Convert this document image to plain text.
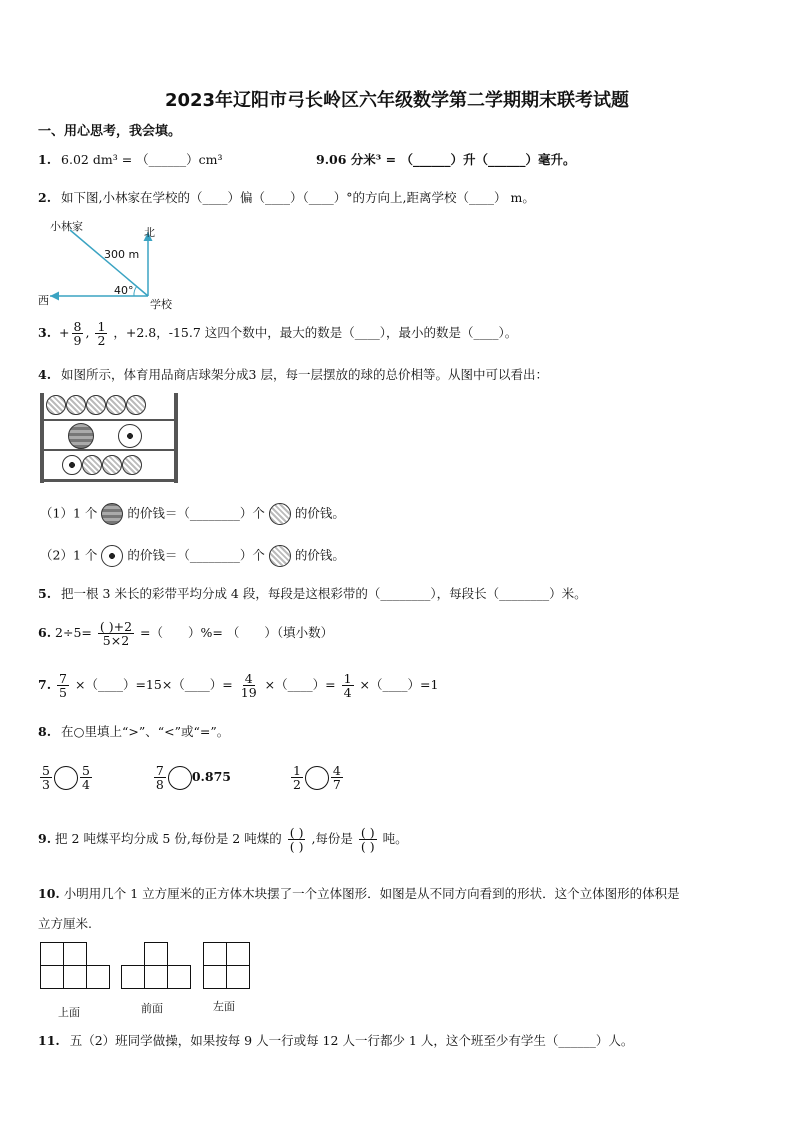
2023年辽阳市弓长岭区六年级数学第二学期期末联考试题
一、用心思考，我会填。
1. 6.02 dm³ = （______）cm³	9.06 分米³ = （______）升（______）毫升。
2. 如下图,小林家在学校的（____）偏（____）（____）°的方向上,距离学校（____） m。
小林家	北
西	学校
300 m
40°
3. + $\frac{8}{9}$ , $\frac{1}{2}$ ，+2.8，-15.7 这四个数中，最大的数是（____），最小的数是（____）。
4. 如图所示，体育用品商店球架分成3 层，每一层摆放的球的总价相等。从图中可以看出：

（1）1 个 的价钱＝（________）个 的价钱。
（2）1 个 的价钱＝（________）个 的价钱。
5. 把一根 3 米长的彩带平均分成 4 段，每段是这根彩带的（________），每段长（________）米。
6. $2\div 5= \frac{( )+2}{5\times 2}$ =（　　）%= （　　）（填小数）
7. $\frac{7}{5}$ ×（____）=15×（____）= $\frac{4}{19}$ ×（____）= $\frac{1}{4}$ ×（____）=1
8. 在○里填上“>”、“<”或“=”。
$\frac{5}{3} \frac{5}{4}$
	$\frac{7}{8} 0.875$	$\frac{1}{2} \frac{4}{7}$
9. 把 2 吨煤平均分成 5 份,每份是 2 吨煤的 $\frac{( )}{( )}$ ,每份是 $\frac{( )}{( )}$ 吨。
10. 小明用几个 1 立方厘米的正方体木块摆了一个立体图形．如图是从不同方向看到的形状．这个立体图形的体积是
立方厘米.
上面	前面	左面
11. 五（2）班同学做操，如果按每 9 人一行或每 12 人一行都少 1 人，这个班至少有学生（______）人。
